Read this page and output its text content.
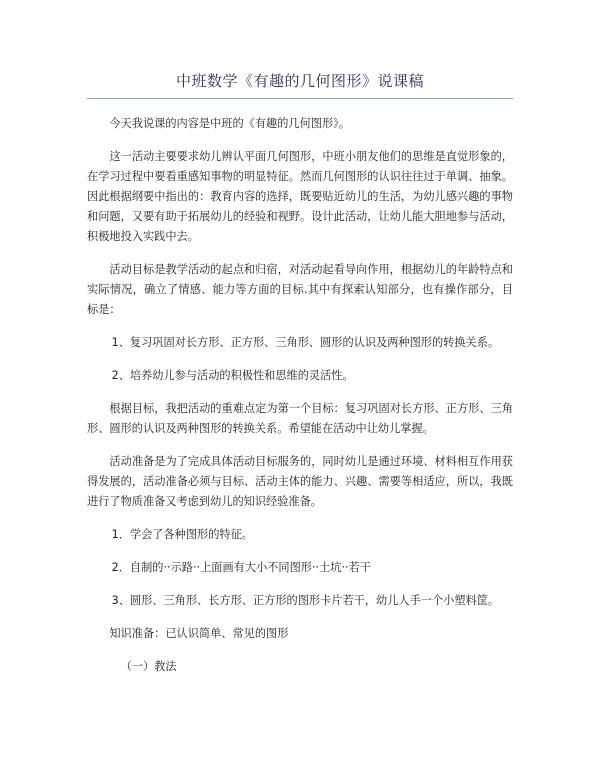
中班数学《有趣的几何图形》说课稿

今天我说课的内容是中班的《有趣的几何图形》。

这一活动主要要求幼儿辨认平面几何图形，中班小朋友他们的思维是直觉形象的，在学习过程中要看重感知事物的明显特征。然而几何图形的认识往往过于单调、抽象。因此根据纲要中指出的：教育内容的选择，既要贴近幼儿的生活，为幼儿感兴趣的事物和问题，又要有助于拓展幼儿的经验和视野。设计此活动，让幼儿能大胆地参与活动，积极地投入实践中去。

活动目标是教学活动的起点和归宿，对活动起看导向作用，根据幼儿的年龄特点和实际情况，确立了情感、能力等方面的目标.其中有探索认知部分，也有操作部分，目标是：

1、复习巩固对长方形、正方形、三角形、圆形的认识及两种图形的转换关系。

2、培养幼儿参与活动的积极性和思维的灵活性。

根据目标，我把活动的重难点定为第一个目标：复习巩固对长方形、正方形、三角形、圆形的认识及两种图形的转换关系。希望能在活动中让幼儿掌握。

活动准备是为了完成具体活动目标服务的，同时幼儿是通过环境、材料相互作用获得发展的，活动准备必须与目标、活动主体的能力、兴趣、需要等相适应，所以，我既进行了物质准备又考虑到幼儿的知识经验准备。

1．学会了各种图形的特征。

2．自制的··示路··上面画有大小不同图形··土坑··若干

3、圆形、三角形、长方形、正方形的图形卡片若干，幼儿人手一个小塑料筐。

知识准备：已认识简单、常见的图形

（一）教法
